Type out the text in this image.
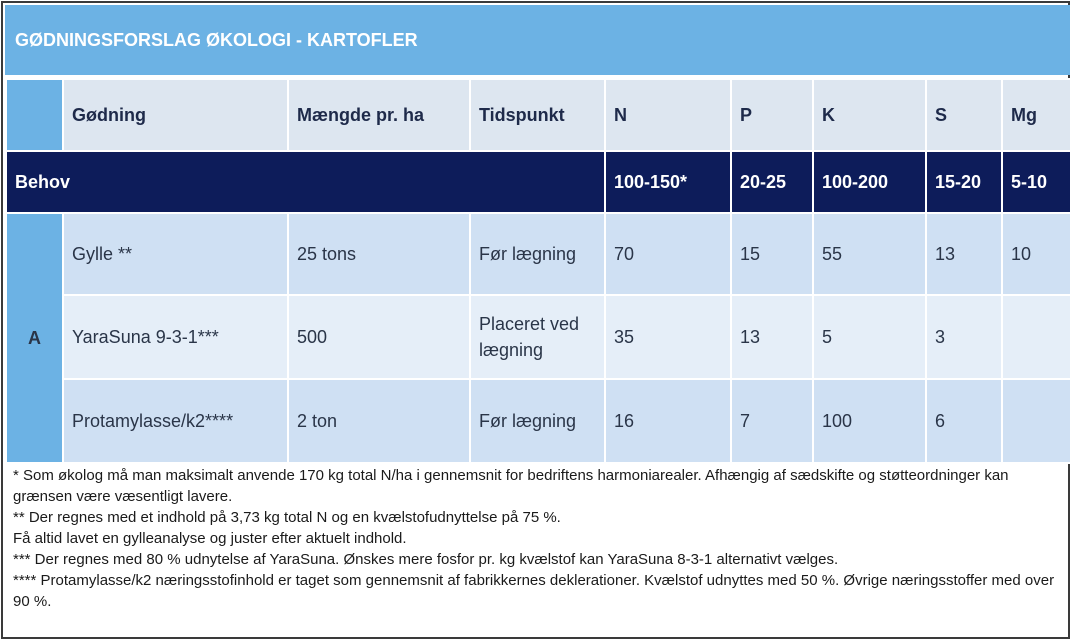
GØDNINGSFORSLAG ØKOLOGI - KARTOFLER
	Gødning	Mængde pr. ha	Tidspunkt	N	P	K	S	Mg
Behov				100-150*	20-25	100-200	15-20	5-10
A	Gylle **	25 tons	Før lægning	70	15	55	13	10
	YaraSuna 9-3-1***	500	Placeret ved lægning	35	13	5	3	
	Protamylasse/k2****	2 ton	Før lægning	16	7	100	6	

* Som økolog må man maksimalt anvende 170 kg total N/ha i gennemsnit for bedriftens harmoniarealer. Afhængig af sædskifte og støtteordninger kan grænsen være væsentligt lavere.

** Der regnes med et indhold på 3,73 kg total N og en kvælstofudnyttelse på 75 %.

Få altid lavet en gylleanalyse og juster efter aktuelt indhold.

*** Der regnes med 80 % udnytelse af YaraSuna. Ønskes mere fosfor pr. kg kvælstof kan YaraSuna 8-3-1 alternativt vælges.

**** Protamylasse/k2 næringsstofinhold er taget som gennemsnit af fabrikkernes deklerationer. Kvælstof udnyttes med 50 %. Øvrige næringsstoffer med over 90 %.
